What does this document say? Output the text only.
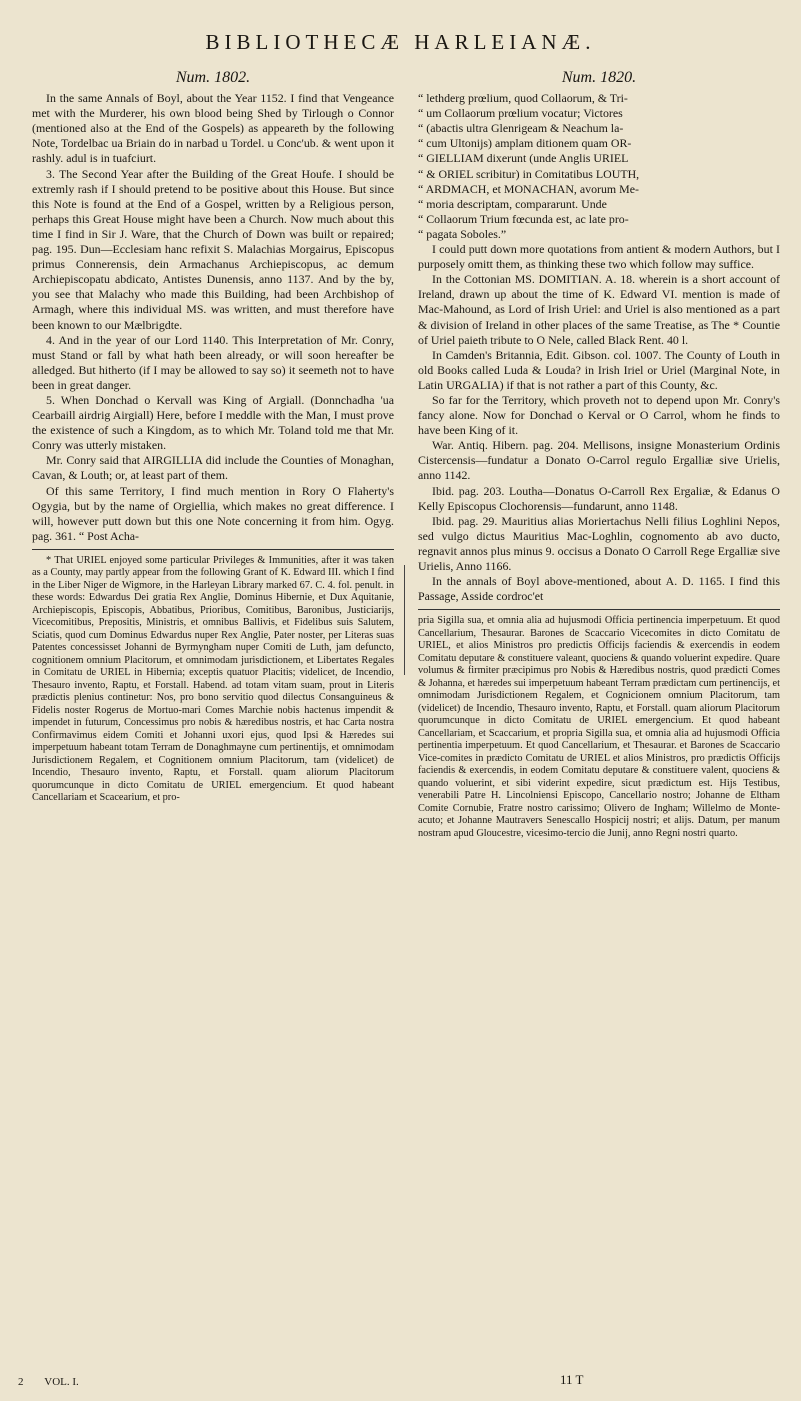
BIBLIOTHECÆ HARLEIANÆ.
Num. 1802.

In the same Annals of Boyl, about the Year 1152. I find that Vengeance met with the Murderer, his own blood being Shed by Tirlough o Connor (mentioned also at the End of the Gospels) as appeareth by the following Note, Tordelbac ua Briain do in narbad u Tordel. u Conc'ub. & went upon it rashly. adul is in tuafciurt.

3. The Second Year after the Building of the Great Houfe. I should be extremly rash if I should pretend to be positive about this House. But since this Note is found at the End of a Gospel, written by a Religious person, perhaps this Great House might have been a Church. Now much about this time I find in Sir J. Ware, that the Church of Down was built or repaired; pag. 195. Dun—Ecclesiam hanc refixit S. Malachias Morgairus, Episcopus primus Connerensis, dein Armachanus Archiepiscopus, ac demum Archiepiscopatu abdicato, Antistes Dunensis, anno 1137. And by the by, you see that Malachy who made this Building, had been Archbishop of Armagh, where this individual MS. was written, and must therefore have been known to our Mælbrigdte.

4. And in the year of our Lord 1140. This Interpretation of Mr. Conry, must Stand or fall by what hath been already, or will soon hereafter be alledged. But hitherto (if I may be allowed to say so) it seemeth not to have been in great danger.

5. When Donchad o Kervall was King of Argiall. (Donnchadha 'ua Cearbaill airdrig Airgiall) Here, before I meddle with the Man, I must prove the existence of such a Kingdom, as to which Mr. Toland told me that Mr. Conry was utterly mistaken.

Mr. Conry said that AIRGILLIA did include the Counties of Monaghan, Cavan, & Louth; or, at least part of them.

Of this same Territory, I find much mention in Rory O Flaherty's Ogygia, but by the name of Orgiellia, which makes no great difference. I will, however putt down but this one Note concerning it from him. Ogyg. pag. 361. “ Post Acha-

* That URIEL enjoyed some particular Privileges & Immunities, after it was taken as a County, may partly appear from the following Grant of K. Edward III. which I find in the Liber Niger de Wigmore, in the Harleyan Library marked 67. C. 4. fol. penult. in these words: Edwardus Dei gratia Rex Anglie, Dominus Hibernie, et Dux Aquitanie, Archiepiscopis, Episcopis, Abbatibus, Prioribus, Comitibus, Baronibus, Justiciarijs, Vicecomitibus, Prepositis, Ministris, et omnibus Ballivis, et Fidelibus suis Salutem, Sciatis, quod cum Dominus Edwardus nuper Rex Anglie, Pater noster, per Literas suas Patentes concessisset Johanni de Byrmyngham nuper Comiti de Luth, jam defuncto, cognitionem omnium Placitorum, et omnimodam jurisdictionem, et Libertates Regales in Comitatu de URIEL in Hibernia; exceptis quatuor Placitis; videlicet, de Incendio, Thesauro invento, Raptu, et Forstall. Habend. ad totam vitam suam, prout in Literis prædictis plenius continetur: Nos, pro bono servitio quod dilectus Consanguineus & Fidelis noster Rogerus de Mortuo-mari Comes Marchie nobis hactenus impendit & impendet in futurum, Concessimus pro nobis & hæredibus nostris, et hac Carta nostra Confirmavimus eidem Comiti et Johanni uxori ejus, quod Ipsi & Hæredes sui imperpetuum habeant totam Terram de Donaghmayne cum pertinentijs, et omnimodam Jurisdictionem Regalem, et Cognitionem omnium Placitorum, tam (videlicet) de Incendio, Thesauro invento, Raptu, et Forstall. quam aliorum Placitorum quorumcunque in dicto Comitatu de URIEL emergencium. Et quod habeant Cancellariam et Scacearium, et pro-

Num. 1820.

“ lethderg prœlium, quod Collaorum, & Tri-

“ um Collaorum prœlium vocatur; Victores

“ (abactis ultra Glenrigeam & Neachum la-

“ cum Ultonijs) amplam ditionem quam OR-

“ GIELLIAM dixerunt (unde Anglis URIEL

“ & ORIEL scribitur) in Comitatibus LOUTH,

“ ARDMACH, et MONACHAN, avorum Me-

“ moria descriptam, compararunt. Unde

“ Collaorum Trium fœcunda est, ac late pro-

“ pagata Soboles.”

I could putt down more quotations from antient & modern Authors, but I purposely omitt them, as thinking these two which follow may suffice.

In the Cottonian MS. DOMITIAN. A. 18. wherein is a short account of Ireland, drawn up about the time of K. Edward VI. mention is made of Mac-Mahound, as Lord of Irish Uriel: and Uriel is also mentioned as a part & division of Ireland in other places of the same Treatise, as The * Countie of Uriel paieth tribute to O Nele, called Black Rent. 40 l.

In Camden's Britannia, Edit. Gibson. col. 1007. The County of Louth in old Books called Luda & Louda? in Irish Iriel or Uriel (Marginal Note, in Latin URGALIA) if that is not rather a part of this County, &c.

So far for the Territory, which proveth not to depend upon Mr. Conry's fancy alone. Now for Donchad o Kerval or O Carrol, whom he finds to have been King of it.

War. Antiq. Hibern. pag. 204. Mellisons, insigne Monasterium Ordinis Cistercensis—fundatur a Donato O-Carrol regulo Ergalliæ sive Urielis, anno 1142.

Ibid. pag. 203. Loutha—Donatus O-Carroll Rex Ergaliæ, & Edanus O Kelly Episcopus Clochorensis—fundarunt, anno 1148.

Ibid. pag. 29. Mauritius alias Moriertachus Nelli filius Loghlini Nepos, sed vulgo dictus Mauritius Mac-Loghlin, cognomento ab avo ducto, regnavit annos plus minus 9. occisus a Donato O Carroll Rege Ergalliæ sive Urielis, Anno 1166.

In the annals of Boyl above-mentioned, about A. D. 1165. I find this Passage, Asside cordroc'et

pria Sigilla sua, et omnia alia ad hujusmodi Officia pertinencia imperpetuum. Et quod Cancellarium, Thesaurar. Barones de Scaccario Vicecomites in dicto Comitatu de URIEL, et alios Ministros pro predictis Officijs faciendis & exercendis in eodem Comitatu deputare & constituere valeant, quociens & quando voluerint expedire. Quare volumus & firmiter præcipimus pro Nobis & Hæredibus nostris, quod prædicti Comes & Johanna, et hæredes sui imperpetuum habeant Terram prædictam cum pertinencijs, et omnimodam Jurisdictionem Regalem, et Cognicionem omnium Placitorum, tam (videlicet) de Incendio, Thesauro invento, Raptu, et Forstall. quam aliorum Placitorum quorumcunque in dicto Comitatu de URIEL emergencium. Et quod habeant Cancellariam, et Scaccarium, et propria Sigilla sua, et omnia alia ad hujusmodi Officia pertinentia imperpetuum. Et quod Cancellarium, et Thesaurar. et Barones de Scaccario Vice-comites in prædicto Comitatu de URIEL et alios Ministros, pro prædictis Officijs faciendis & exercendis, in eodem Comitatu deputare & constituere valent, quociens & quando voluerint, et sibi viderint expedire, sicut prædictum est. Hijs Testibus, venerabili Patre H. Lincolniensi Episcopo, Cancellario nostro; Johanne de Eltham Comite Cornubie, Fratre nostro carissimo; Olivero de Ingham; Willelmo de Monte-acuto; et Johanne Mautravers Senescallo Hospicij nostri; et alijs. Datum, per manum nostram apud Gloucestre, vicesimo-tercio die Junij, anno Regni nostri quarto.

2 VOL. I.	11 T
